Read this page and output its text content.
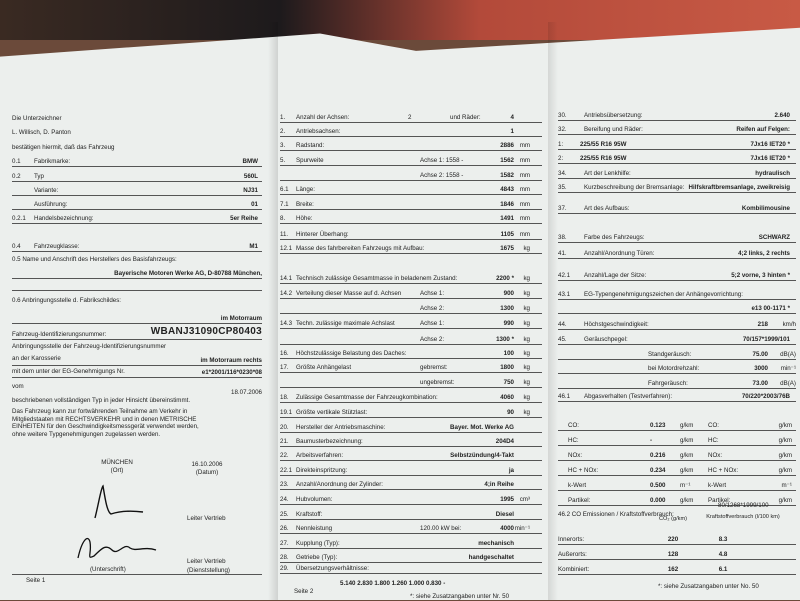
Die Unterzeichner
L. Willisch, D. Panton
bestätigen hiermit, daß das Fahrzeug
0.1 Fabrikmarke:	BMW
0.2 Typ	560L
Variante:	NJ31
Ausführung:	01
0.2.1 Handelsbezeichnung:	5er Reihe
0.4 Fahrzeugklasse:	M1
0.5 Name und Anschrift des Herstellers des Basisfahrzeugs:
Bayerische Motoren Werke AG, D-80788 München,
0.6 Anbringungsstelle d. Fabrikschildes:
im Motorraum
Fahrzeug-Identifizierungsnummer:	WBANJ31090CP80403
Anbringungsstelle der Fahrzeug-Identifizierungsnummer
an der Karosserie	im Motorraum rechts
mit dem unter der EG-Genehmigungs Nr.	e1*2001/116*0230*08
vom
18.07.2006
beschriebenen vollständigen Typ in jeder Hinsicht übereinstimmt.
Das Fahrzeug kann zur fortwährenden Teilnahme am Verkehr in Mitgliedstaaten mit RECHTSVERKEHR und in denen METRISCHE EINHEITEN für den Geschwindigkeitsmessgerät verwendet werden, ohne weitere Typgenehmigungen zugelassen werden.
MÜNCHEN
(Ort)
16.10.2006
(Datum)
Leiter Vertrieb
Leiter Vertrieb
(Unterschrift)	(Dienststellung)
Seite 1
1. Anzahl der Achsen:	2	und Räder:	4
2. Antriebsachsen:	1
3. Radstand:	2886 mm
5. Spurweite	Achse 1: 1558 -	1562 mm
Achse 2: 1558 -	1582 mm
6.1 Länge:	4843 mm
7.1 Breite:	1846 mm
8. Höhe:	1491 mm
11. Hinterer Überhang:	1105 mm
12.1 Masse des fahrbereiten Fahrzeugs mit Aufbau:	1675 kg
14.1 Technisch zulässige Gesamtmasse in beladenem Zustand:	2200 * kg
14.2 Verteilung dieser Masse auf d. Achsen	Achse 1:	900 kg
Achse 2:	1300 kg
14.3 Techn. zulässige maximale Achslast	Achse 1:	990 kg
Achse 2:	1300 * kg
16. Höchstzulässige Belastung des Daches:	100 kg
17. Größte Anhängelast	gebremst:	1800 kg
ungebremst:	750 kg
18. Zulässige Gesamtmasse der Fahrzeugkombination:	4060 kg
19.1 Größte vertikale Stützlast:	90 kg
20. Hersteller der Antriebsmaschine:	Bayer. Mot. Werke AG
21. Baumusterbezeichnung:	204D4
22. Arbeitsverfahren:	Selbstzündung/4-Takt
22.1 Direkteinspritzung:	ja
23. Anzahl/Anordnung der Zylinder:	4;in Reihe
24. Hubvolumen:	1995 cm³
25. Kraftstoff:	Diesel
26. Nennleistung	120.00 kW bei:	4000 min⁻¹
27. Kupplung (Typ):	mechanisch
28. Getriebe (Typ):	handgeschaltet
29. Übersetzungsverhältnisse:
5.140 2.830 1.800 1.260 1.000 0.830 -
Seite 2
*: siehe Zusatzangaben unter Nr. 50
30.	Antriebsübersetzung:	2.640
32.	Bereifung und Räder:	Reifen auf Felgen:
1:	225/55 R16 95W	7Jx16 IET20 *
2:	225/55 R16 95W	7Jx16 IET20 *
34.	Art der Lenkhilfe:	hydraulisch
35.	Kurzbeschreibung der Bremsanlage: Hilfskraftbremsanlage, zweikreisig
37.	Art des Aufbaus:	Kombilimousine
38.	Farbe des Fahrzeugs:	SCHWARZ
41.	Anzahl/Anordnung Türen:	4;2 links, 2 rechts
42.1 Anzahl/Lage der Sitze:	5;2 vorne, 3 hinten *
43.1 EG-Typengenehmigungszeichen der Anhängevorrichtung:
e13 00-1171 *
44.	Höchstgeschwindigkeit:	218 km/h
45.	Geräuschpegel:	70/157*1999/101
Standgeräusch:	75.00 dB(A)
bei Motordrehzahl:	3000 min⁻¹
Fahrgeräusch:	73.00 dB(A)
46.1 Abgasverhalten (Testverfahren):	70/220*2003/76B
CO:	0.123 g/km CO:	g/km
HC:	-	g/km HC:	g/km
NOx:	0.216 g/km NOx:	g/km
HC + NOx:	0.234 g/km HC + NOx:	g/km
k-Wert	0.500 m⁻¹	k-Wert	m⁻¹
Partikel:	0.000 g/km Partikel:	g/km
46.2 CO Emissionen / Kraftstoffverbrauch:
80/1268*1999/100
CO₂ (g/km)	Kraftstoffverbrauch (l/100 km)
Innerorts:	220	8.3
Außerorts:	128	4.8
Kombiniert:	162	6.1
*: siehe Zusatzangaben unter No. 50
